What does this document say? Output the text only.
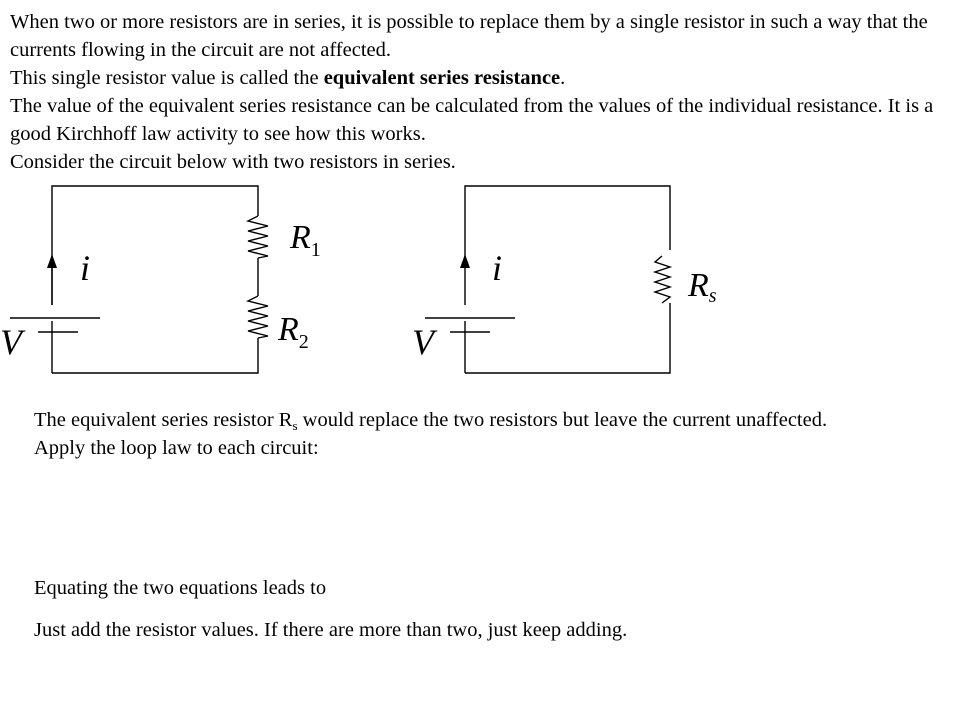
When two or more resistors are in series, it is possible to replace them by a single resistor in such a way that the currents flowing in the circuit are not affected.

This single resistor value is called the equivalent series resistance.

The value of the equivalent series resistance can be calculated from the values of the individual resistance. It is a good Kirchhoff law activity to see how this works.

Consider the circuit below with two resistors in series.

i
V
$R_1$
$R_2$
i
V
Rs

The equivalent series resistor $R_s$ would replace the two resistors but leave the current unaffected.

Apply the loop law to each circuit:

Equating the two equations leads to
Just add the resistor values. If there are more than two, just keep adding.
